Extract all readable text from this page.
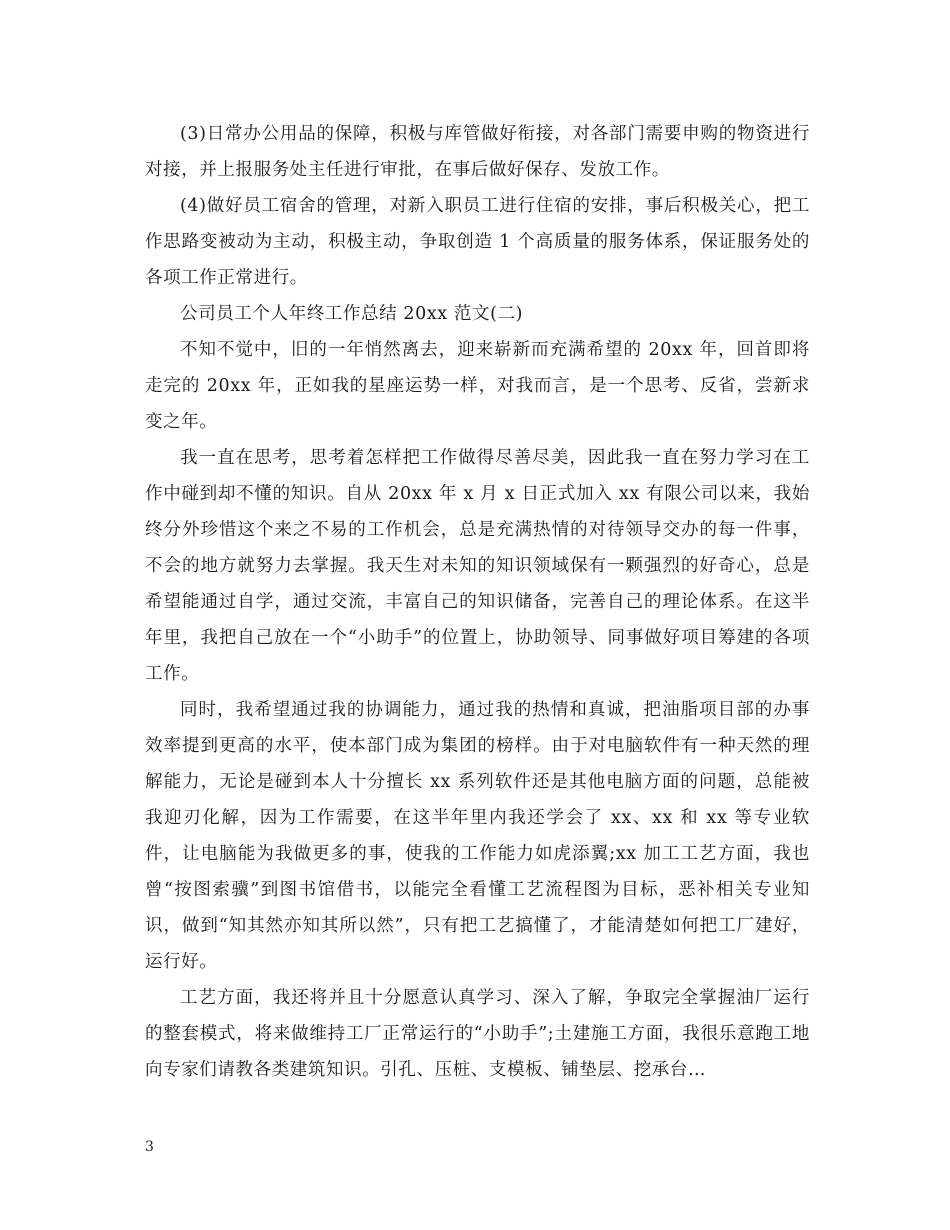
(3)日常办公用品的保障，积极与库管做好衔接，对各部门需要申购的物资进行对接，并上报服务处主任进行审批，在事后做好保存、发放工作。

(4)做好员工宿舍的管理，对新入职员工进行住宿的安排，事后积极关心，把工作思路变被动为主动，积极主动，争取创造 1 个高质量的服务体系，保证服务处的各项工作正常进行。

公司员工个人年终工作总结 20xx 范文(二)

不知不觉中，旧的一年悄然离去，迎来崭新而充满希望的 20xx 年，回首即将走完的 20xx 年，正如我的星座运势一样，对我而言，是一个思考、反省，尝新求变之年。

我一直在思考，思考着怎样把工作做得尽善尽美，因此我一直在努力学习在工作中碰到却不懂的知识。自从 20xx 年 x 月 x 日正式加入 xx 有限公司以来，我始终分外珍惜这个来之不易的工作机会，总是充满热情的对待领导交办的每一件事，不会的地方就努力去掌握。我天生对未知的知识领域保有一颗强烈的好奇心，总是希望能通过自学，通过交流，丰富自己的知识储备，完善自己的理论体系。在这半年里，我把自己放在一个“小助手”的位置上，协助领导、同事做好项目筹建的各项工作。

同时，我希望通过我的协调能力，通过我的热情和真诚，把油脂项目部的办事效率提到更高的水平，使本部门成为集团的榜样。由于对电脑软件有一种天然的理解能力，无论是碰到本人十分擅长 xx 系列软件还是其他电脑方面的问题，总能被我迎刃化解，因为工作需要，在这半年里内我还学会了 xx、xx 和 xx 等专业软件，让电脑能为我做更多的事，使我的工作能力如虎添翼;xx 加工工艺方面，我也曾“按图索骥”到图书馆借书，以能完全看懂工艺流程图为目标，恶补相关专业知识，做到“知其然亦知其所以然”，只有把工艺搞懂了，才能清楚如何把工厂建好，运行好。

工艺方面，我还将并且十分愿意认真学习、深入了解，争取完全掌握油厂运行的整套模式，将来做维持工厂正常运行的“小助手”;土建施工方面，我很乐意跑工地向专家们请教各类建筑知识。引孔、压桩、支模板、铺垫层、挖承台…

3
